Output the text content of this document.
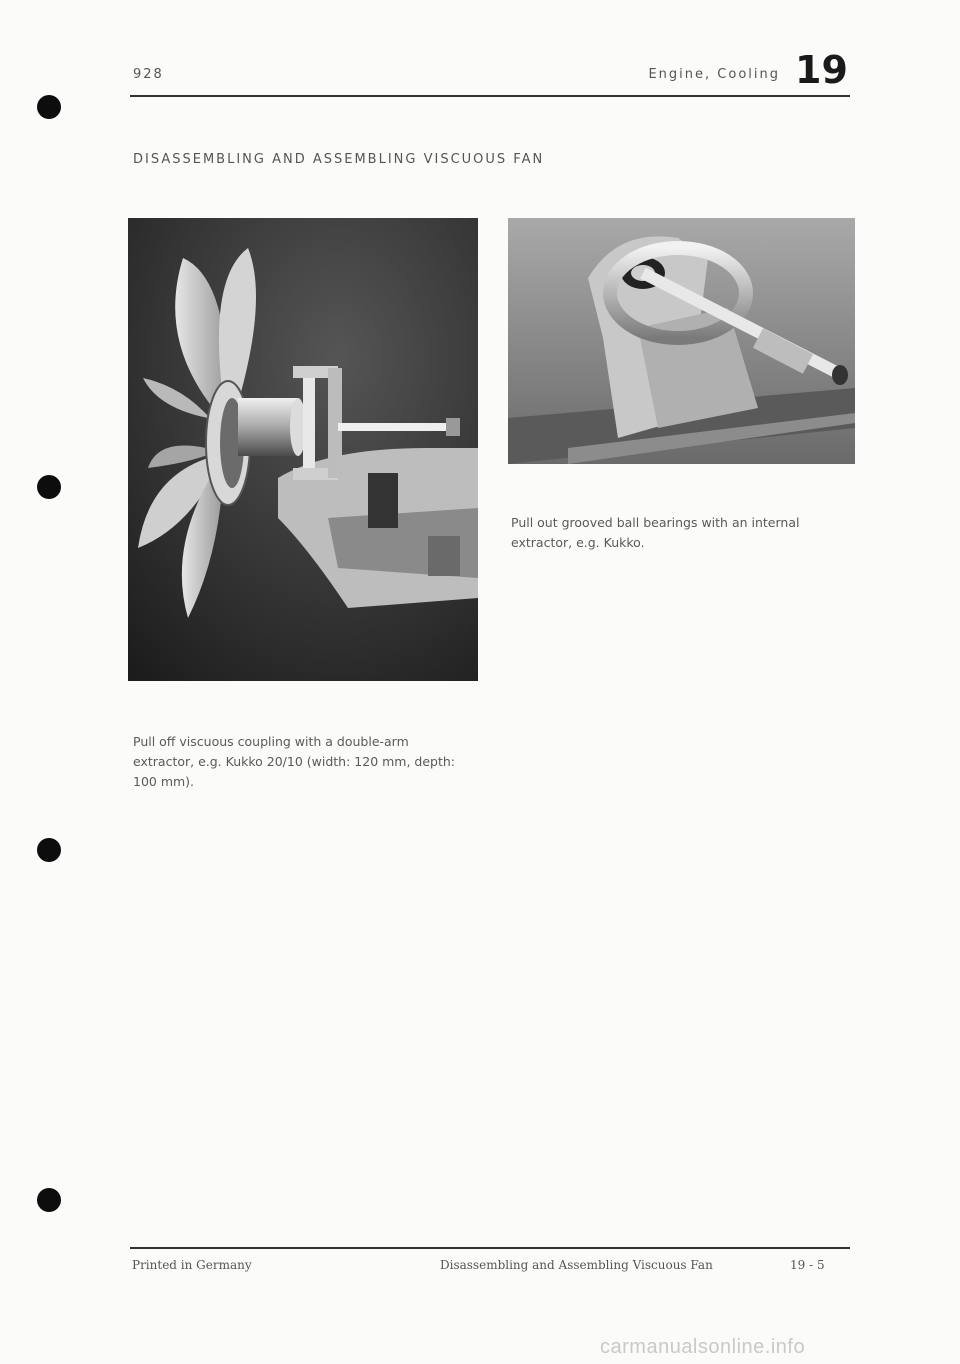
928	Engine, Cooling 19
DISASSEMBLING AND ASSEMBLING VISCUOUS FAN
Pull out grooved ball bearings with an internal extractor, e.g. Kukko.
Pull off viscuous coupling with a double-arm extractor, e.g. Kukko 20/10 (width: 120 mm, depth: 100 mm).
Printed in Germany	Disassembling and Assembling Viscuous Fan	19 - 5
carmanualsonline.info
